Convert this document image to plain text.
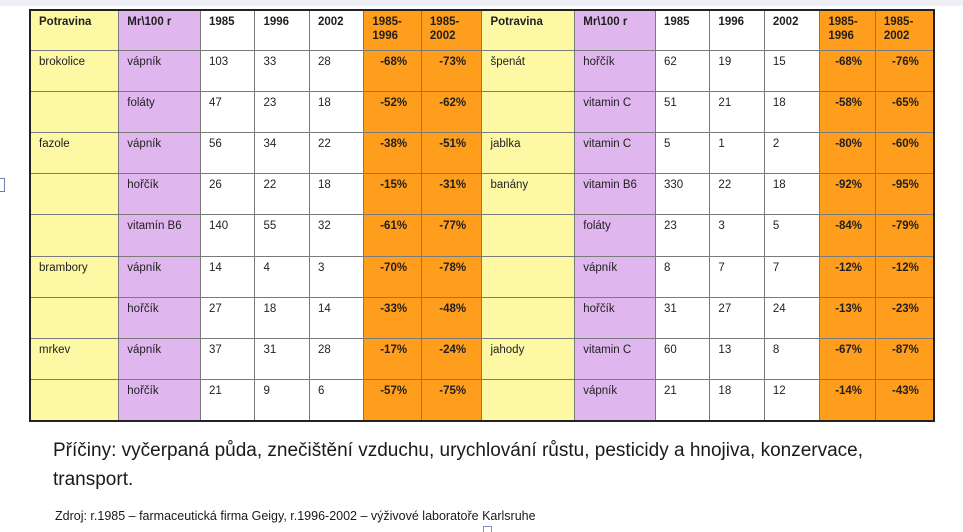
Potravina	Mr\100 r	1985	1996	2002	1985-1996	1985-2002	Potravina	Mr\100 r	1985	1996	2002	1985-1996	1985-2002
brokolice	vápník	103	33	28	-68%	-73%	špenát	hořčík	62	19	15	-68%	-76%
	foláty	47	23	18	-52%	-62%		vitamin C	51	21	18	-58%	-65%
fazole	vápník	56	34	22	-38%	-51%	jablka	vitamin C	5	1	2	-80%	-60%
	hořčík	26	22	18	-15%	-31%	banány	vitamin B6	330	22	18	-92%	-95%
	vitamín B6	140	55	32	-61%	-77%		foláty	23	3	5	-84%	-79%
brambory	vápník	14	4	3	-70%	-78%		vápník	8	7	7	-12%	-12%
	hořčík	27	18	14	-33%	-48%		hořčík	31	27	24	-13%	-23%
mrkev	vápník	37	31	28	-17%	-24%	jahody	vitamin C	60	13	8	-67%	-87%
	hořčík	21	9	6	-57%	-75%		vápník	21	18	12	-14%	-43%
Příčiny: vyčerpaná půda, znečištění vzduchu, urychlování růstu, pesticidy a hnojiva, konzervace, transport.
Zdroj: r.1985 – farmaceutická firma Geigy, r.1996-2002 – výživové laboratoře Karlsruhe
